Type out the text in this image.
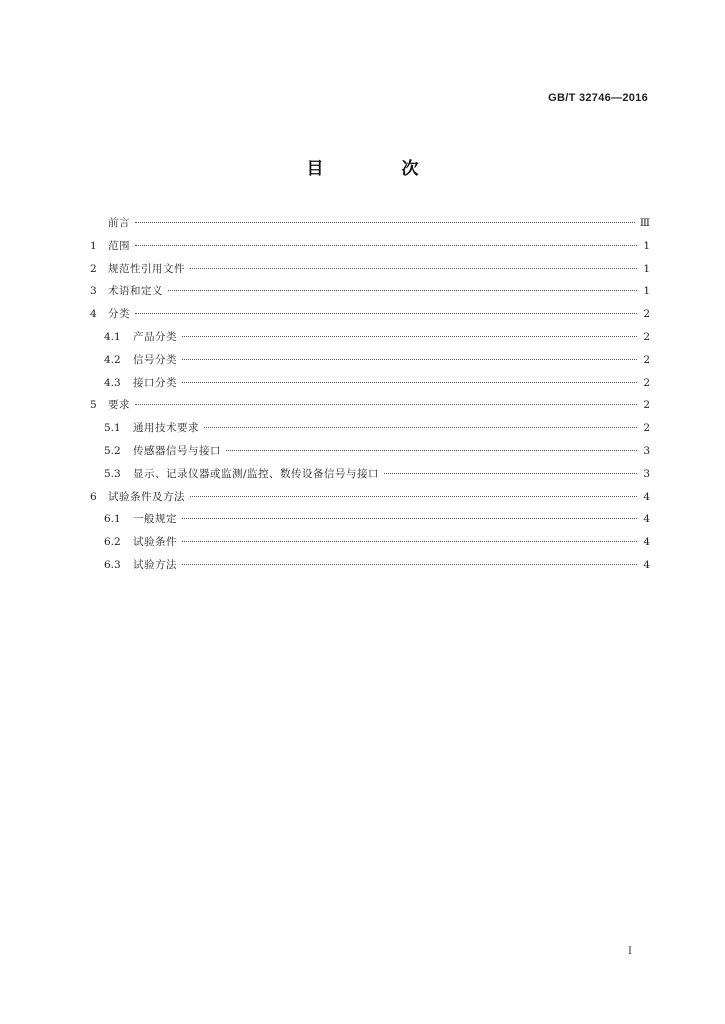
GB/T 32746—2016
目 次
前言	Ⅲ
1	范围	1
2	规范性引用文件	1
3	术语和定义	1
4	分类	2
4.1	产品分类	2
4.2	信号分类	2
4.3	接口分类	2
5	要求	2
5.1	通用技术要求	2
5.2	传感器信号与接口	3
5.3	显示、记录仪器或监测/监控、数传设备信号与接口	3
6	试验条件及方法	4
6.1	一般规定	4
6.2	试验条件	4
6.3	试验方法	4
I
